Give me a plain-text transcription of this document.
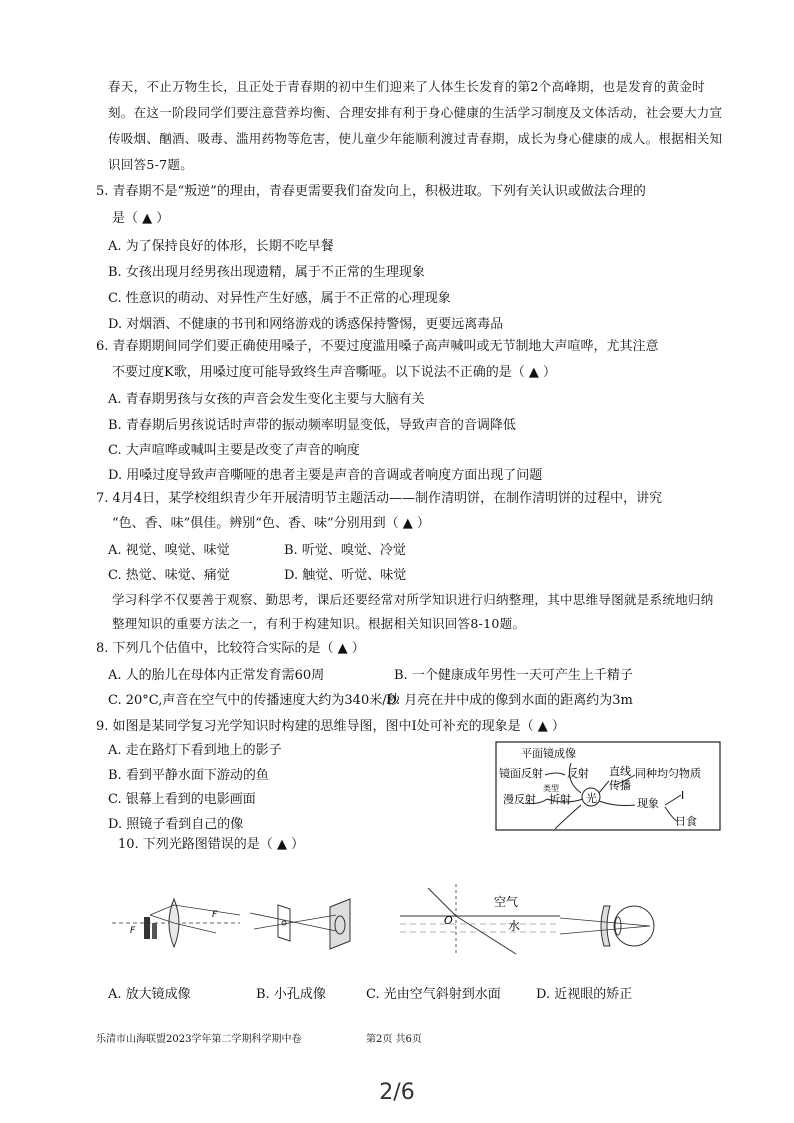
春天，不止万物生长，且正处于青春期的初中生们迎来了人体生长发育的第2个高峰期，也是发育的黄金时刻。在这一阶段同学们要注意营养均衡、合理安排有利于身心健康的生活学习制度及文体活动，社会要大力宣传吸烟、酗酒、吸毒、滥用药物等危害，使儿童少年能顺利渡过青春期，成长为身心健康的成人。根据相关知识回答5-7题。
5. 青春期不是“叛逆”的理由，青春更需要我们奋发向上，积极进取。下列有关认识或做法合理的
是（ ▲ ）
A. 为了保持良好的体形，长期不吃早餐
B. 女孩出现月经男孩出现遗精，属于不正常的生理现象
C. 性意识的萌动、对异性产生好感，属于不正常的心理现象
D. 对烟酒、不健康的书刊和网络游戏的诱惑保持警惕，更要远离毒品
6. 青春期期间同学们要正确使用嗓子，不要过度滥用嗓子高声喊叫或无节制地大声喧哗，尤其注意
不要过度K歌，用嗓过度可能导致终生声音嘶哑。以下说法不正确的是（ ▲ ）
A. 青春期男孩与女孩的声音会发生变化主要与大脑有关
B. 青春期后男孩说话时声带的振动频率明显变低，导致声音的音调降低
C. 大声喧哗或喊叫主要是改变了声音的响度
D. 用嗓过度导致声音嘶哑的患者主要是声音的音调或者响度方面出现了问题
7. 4月4日，某学校组织青少年开展清明节主题活动——制作清明饼，在制作清明饼的过程中，讲究
“色、香、味”俱佳。辨别“色、香、味”分别用到（ ▲ ）
A. 视觉、嗅觉、味觉	B. 听觉、嗅觉、冷觉
C. 热觉、味觉、痛觉	D. 触觉、听觉、味觉
学习科学不仅要善于观察、勤思考，课后还要经常对所学知识进行归纳整理，其中思维导图就是系统地归纳整理知识的重要方法之一，有利于构建知识。根据相关知识回答8-10题。
8. 下列几个估值中，比较符合实际的是（ ▲ ）
A. 人的胎儿在母体内正常发育需60周	B. 一个健康成年男性一天可产生上千精子
C. 20°C,声音在空气中的传播速度大约为340米/秒
D. 月亮在井中成的像到水面的距离约为3m
9. 如图是某同学复习光学知识时构建的思维导图，图中Ⅰ处可补充的现象是（ ▲ ）
A. 走在路灯下看到地上的影子
B. 看到平静水面下游动的鱼
C. 银幕上看到的电影画面
D. 照镜子看到自己的像
平面镜成像
镜面反射 反射
类型
漫反射 折射 光
直线
传播
同种均匀物质
现象
Ⅰ
日食
10. 下列光路图错误的是（ ▲ ）
F
F
空气
水
O
A. 放大镜成像	B. 小孔成像	C. 光由空气斜射到水面	D. 近视眼的矫正
乐清市山海联盟2023学年第二学期科学期中卷	第2页 共6页
2/6
